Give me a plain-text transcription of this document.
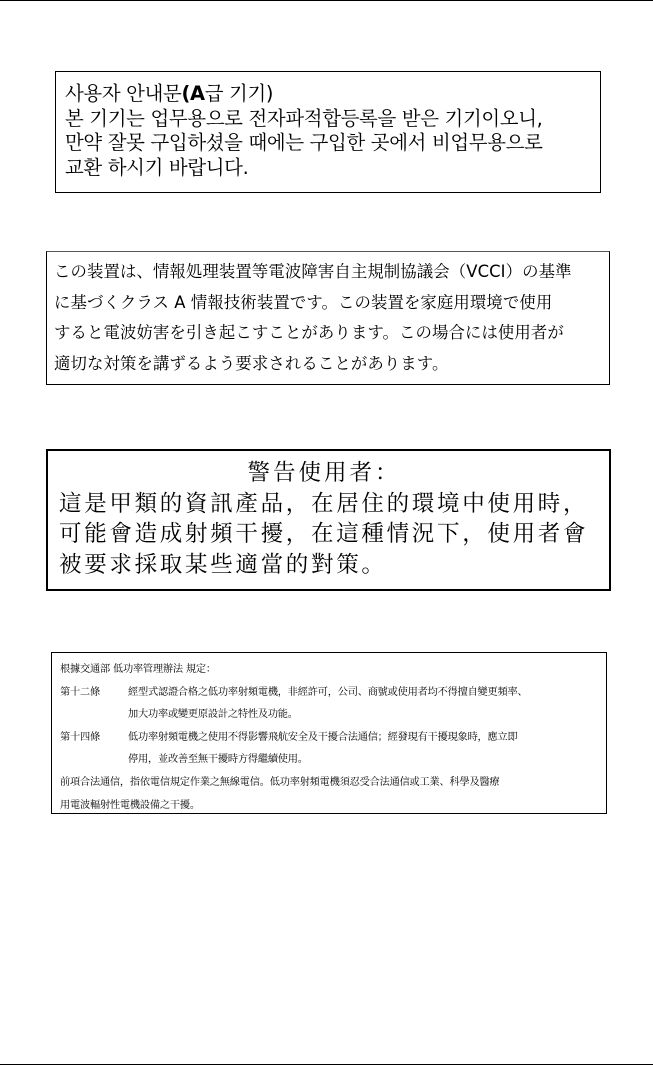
사용자 안내문(A급 기기)
본 기기는 업무용으로 전자파적합등록을 받은 기기이오니,
만약 잘못 구입하셨을 때에는 구입한 곳에서 비업무용으로
교환 하시기 바랍니다.
この装置は、情報処理装置等電波障害自主規制協議会（VCCI）の基準
に基づくクラス A 情報技術装置です。この装置を家庭用環境で使用
すると電波妨害を引き起こすことがあります。この場合には使用者が
適切な対策を講ずるよう要求されることがあります。
警告使用者：
這是甲類的資訊產品，在居住的環境中使用時，
可能會造成射頻干擾，在這種情況下，使用者會
被要求採取某些適當的對策。
根據交通部 低功率管理辦法 規定：
第十二條	經型式認證合格之低功率射頻電機，非經許可，公司、商號或使用者均不得擅自變更頻率、
加大功率或變更原設計之特性及功能。
第十四條	低功率射頻電機之使用不得影響飛航安全及干擾合法通信；經發現有干擾現象時，應立即
停用，並改善至無干擾時方得繼續使用。
前項合法通信，指依電信規定作業之無線電信。低功率射頻電機須忍受合法通信或工業、科學及醫療
用電波輻射性電機設備之干擾。
